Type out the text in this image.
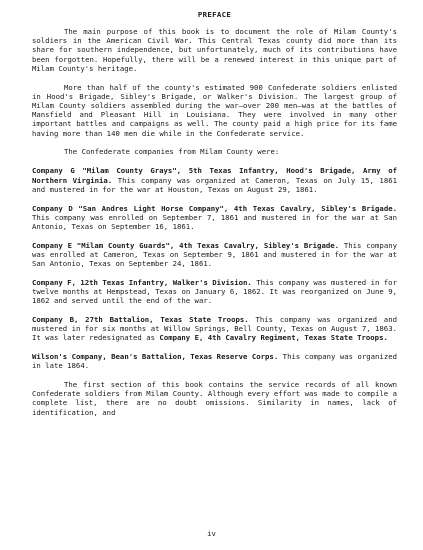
PREFACE

The main purpose of this book is to document the role of Milam County's soldiers in the American Civil War. This Central Texas county did more than its share for southern independence, but unfortunately, much of its contributions have been forgotten. Hopefully, there will be a renewed interest in this unique part of Milam County's heritage.

More than half of the county's estimated 900 Confederate soldiers enlisted in Hood's Brigade, Sibley's Brigade, or Walker's Division. The largest group of Milam County soldiers assembled during the war—over 200 men—was at the battles of Mansfield and Pleasant Hill in Louisiana. They were involved in many other important battles and campaigns as well. The county paid a high price for its fame having more than 140 men die while in the Confederate service.

The Confederate companies from Milam County were:

Company G "Milam County Grays", 5th Texas Infantry, Hood's Brigade, Army of Northern Virginia. This company was organized at Cameron, Texas on July 15, 1861 and mustered in for the war at Houston, Texas on August 29, 1861.

Company D "San Andres Light Horse Company", 4th Texas Cavalry, Sibley's Brigade. This company was enrolled on September 7, 1861 and mustered in for the war at San Antonio, Texas on September 16, 1861.

Company E "Milam County Guards", 4th Texas Cavalry, Sibley's Brigade. This company was enrolled at Cameron, Texas on September 9, 1861 and mustered in for the war at San Antonio, Texas on September 24, 1861.

Company F, 12th Texas Infantry, Walker's Division. This company was mustered in for twelve months at Hempstead, Texas on January 6, 1862. It was reorganized on June 9, 1862 and served until the end of the war.

Company B, 27th Battalion, Texas State Troops. This company was organized and mustered in for six months at Willow Springs, Bell County, Texas on August 7, 1863. It was later redesignated as Company E, 4th Cavalry Regiment, Texas State Troops.

Wilson's Company, Bean's Battalion, Texas Reserve Corps. This company was organized in late 1864.

The first section of this book contains the service records of all known Confederate soldiers from Milam County. Although every effort was made to compile a complete list, there are no doubt omissions. Similarity in names, lack of identification, and

iv
